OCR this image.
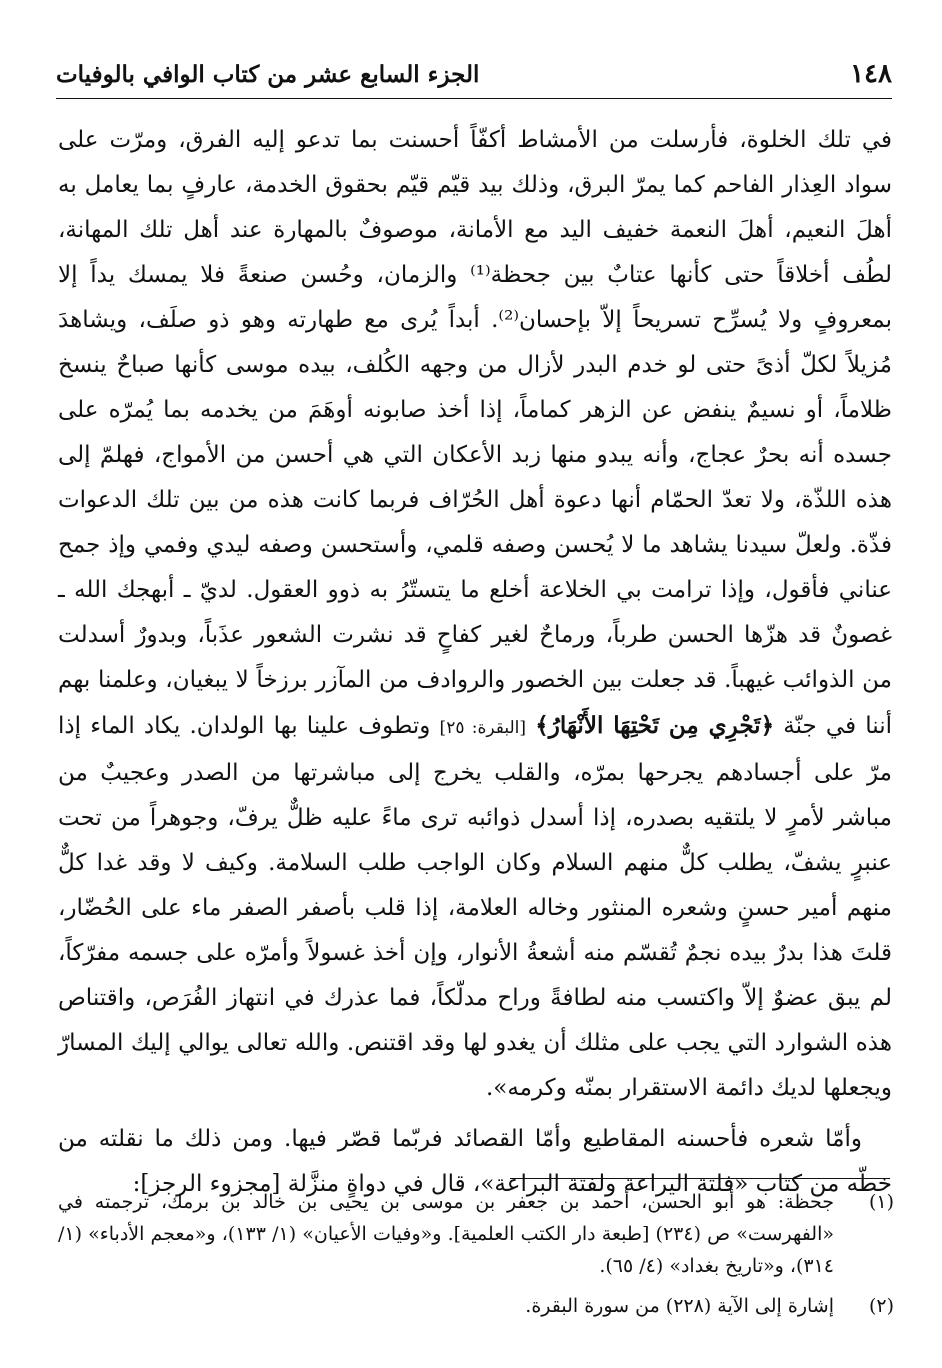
١٤٨
الجزء السابع عشر من كتاب الوافي بالوفيات

في تلك الخلوة، فأرسلت من الأمشاط أكفّاً أحسنت بما تدعو إليه الفرق، ومرّت على سواد العِذار الفاحم كما يمرّ البرق، وذلك بيد قيّم قيّم بحقوق الخدمة، عارفٍ بما يعامل به أهلَ النعيم، أهلَ النعمة خفيف اليد مع الأمانة، موصوفٌ بالمهارة عند أهل تلك المهانة، لطُف أخلاقاً حتى كأنها عتابٌ بين جحظة⁽¹⁾ والزمان، وحُسن صنعةً فلا يمسك يداً إلا بمعروفٍ ولا يُسرِّح تسريحاً إلاّ بإحسان⁽²⁾. أبداً يُرى مع طهارته وهو ذو صلَف، ويشاهدَ مُزيلاً لكلّ أذىً حتى لو خدم البدر لأزال من وجهه الكُلف، بيده موسى كأنها صباحٌ ينسخ ظلاماً، أو نسيمٌ ينفض عن الزهر كماماً، إذا أخذ صابونه أوهَمَ من يخدمه بما يُمرّه على جسده أنه بحرٌ عجاج، وأنه يبدو منها زبد الأعكان التي هي أحسن من الأمواج، فهلمّ إلى هذه اللذّة، ولا تعدّ الحمّام أنها دعوة أهل الحُرّاف فربما كانت هذه من بين تلك الدعوات فذّة. ولعلّ سيدنا يشاهد ما لا يُحسن وصفه قلمي، وأستحسن وصفه ليدي وفمي وإذ جمح عناني فأقول، وإذا ترامت بي الخلاعة أخلع ما يتستّرُ به ذوو العقول. لديّ ـ أبهجك الله ـ غصونٌ قد هزّها الحسن طرباً، ورماحٌ لغير كفاحٍ قد نشرت الشعور عذَباً، وبدورٌ أسدلت من الذوائب غيهباً. قد جعلت بين الخصور والروادف من المآزر برزخاً لا يبغيان، وعلمنا بهم أننا في جنّة ﴿تَجْرِي مِن تَحْتِهَا الأَنْهَارُ﴾ [البقرة: ٢٥] وتطوف علينا بها الولدان. يكاد الماء إذا مرّ على أجسادهم يجرحها بمرّه، والقلب يخرج إلى مباشرتها من الصدر وعجيبٌ من مباشر لأمرٍ لا يلتقيه بصدره، إذا أسدل ذوائبه ترى ماءً عليه ظلٌّ يرفّ، وجوهراً من تحت عنبرٍ يشفّ، يطلب كلٌّ منهم السلام وكان الواجب طلب السلامة. وكيف لا وقد غدا كلٌّ منهم أمير حسنٍ وشعره المنثور وخاله العلامة، إذا قلب بأصفر الصفر ماء على الحُضّار، قلتَ هذا بدرٌ بيده نجمٌ تُقسّم منه أشعةُ الأنوار، وإن أخذ غسولاً وأمرّه على جسمه مفرّكاً، لم يبق عضوٌ إلاّ واكتسب منه لطافةً وراح مدلّكاً، فما عذرك في انتهاز الفُرَص، واقتناص هذه الشوارد التي يجب على مثلك أن يغدو لها وقد اقتنص. والله تعالى يوالي إليك المسارّ ويجعلها لديك دائمة الاستقرار بمنّه وكرمه».

وأمّا شعره فأحسنه المقاطيع وأمّا القصائد فربّما قصّر فيها. ومن ذلك ما نقلته من خطّه من كتاب «فلتة اليراعة ولفتة البراعة»، قال في دواةٍ منزَّلة [مجزوء الرجز]:

(١)
جحظة: هو أبو الحسن، أحمد بن جعفر بن موسى بن يحيى بن خالد بن برمك، ترجمته في «الفهرست» ص (٢٣٤) [طبعة دار الكتب العلمية]. و«وفيات الأعيان» (١/ ١٣٣)، و«معجم الأدباء» (١/ ٣١٤)، و«تاريخ بغداد» (٤/ ٦٥).
(٢)
إشارة إلى الآية (٢٢٨) من سورة البقرة.
